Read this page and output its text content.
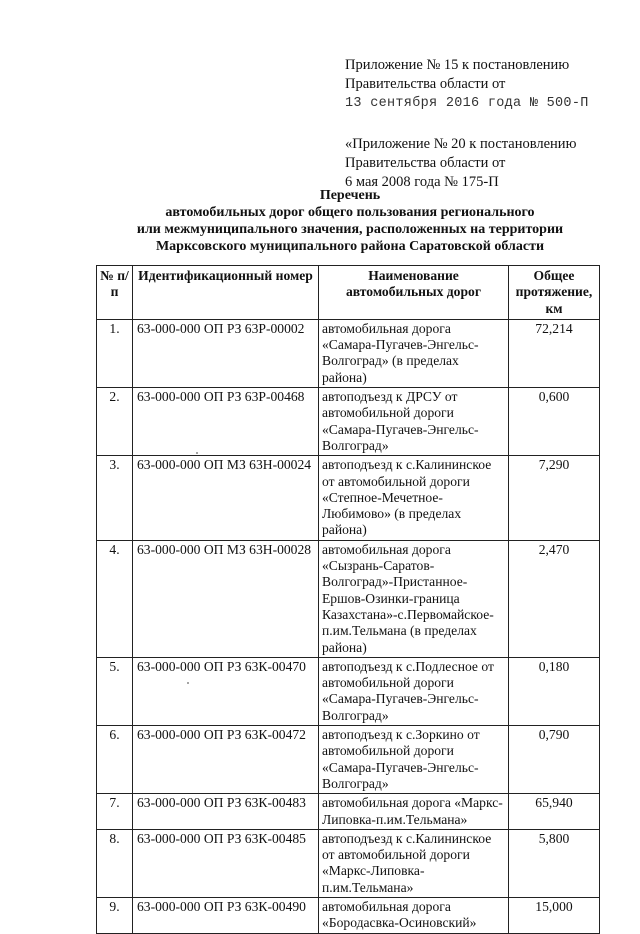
Приложение № 15 к постановлению
Правительства области от
13 сентября 2016 года № 500-П
«Приложение № 20 к постановлению
Правительства области от
6 мая 2008 года № 175-П
Перечень
автомобильных дорог общего пользования регионального
или межмуниципального значения, расположенных на территории
Марксовского муниципального района Саратовской области
№ п/п	Идентификационный номер	Наименование автомобильных дорог	Общее протяжение, км
1.	63-000-000 ОП РЗ 63Р-00002	автомобильная дорога «Самара-Пугачев-Энгельс-Волгоград» (в пределах района)	72,214
2.	63-000-000 ОП РЗ 63Р-00468	автоподъезд к ДРСУ от автомобильной дороги «Самара-Пугачев-Энгельс-Волгоград»	0,600
3.	63-000-000 ОП МЗ 63Н-00024	автоподъезд к с.Калининское от автомобильной дороги «Степное-Мечетное-Любимово» (в пределах района)	7,290
4.	63-000-000 ОП МЗ 63Н-00028	автомобильная дорога «Сызрань-Саратов-Волгоград»-Пристанное-Ершов-Озинки-граница Казахстана»-с.Первомайское-п.им.Тельмана (в пределах района)	2,470
5.	63-000-000 ОП РЗ 63К-00470	автоподъезд к с.Подлесное от автомобильной дороги «Самара-Пугачев-Энгельс-Волгоград»	0,180
6.	63-000-000 ОП РЗ 63К-00472	автоподъезд к с.Зоркино от автомобильной дороги «Самара-Пугачев-Энгельс-Волгоград»	0,790
7.	63-000-000 ОП РЗ 63К-00483	автомобильная дорога «Маркс-Липовка-п.им.Тельмана»	65,940
8.	63-000-000 ОП РЗ 63К-00485	автоподъезд к с.Калининское от автомобильной дороги «Маркс-Липовка-п.им.Тельмана»	5,800
9.	63-000-000 ОП РЗ 63К-00490	автомобильная дорога «Бородасвка-Осиновский»	15,000
